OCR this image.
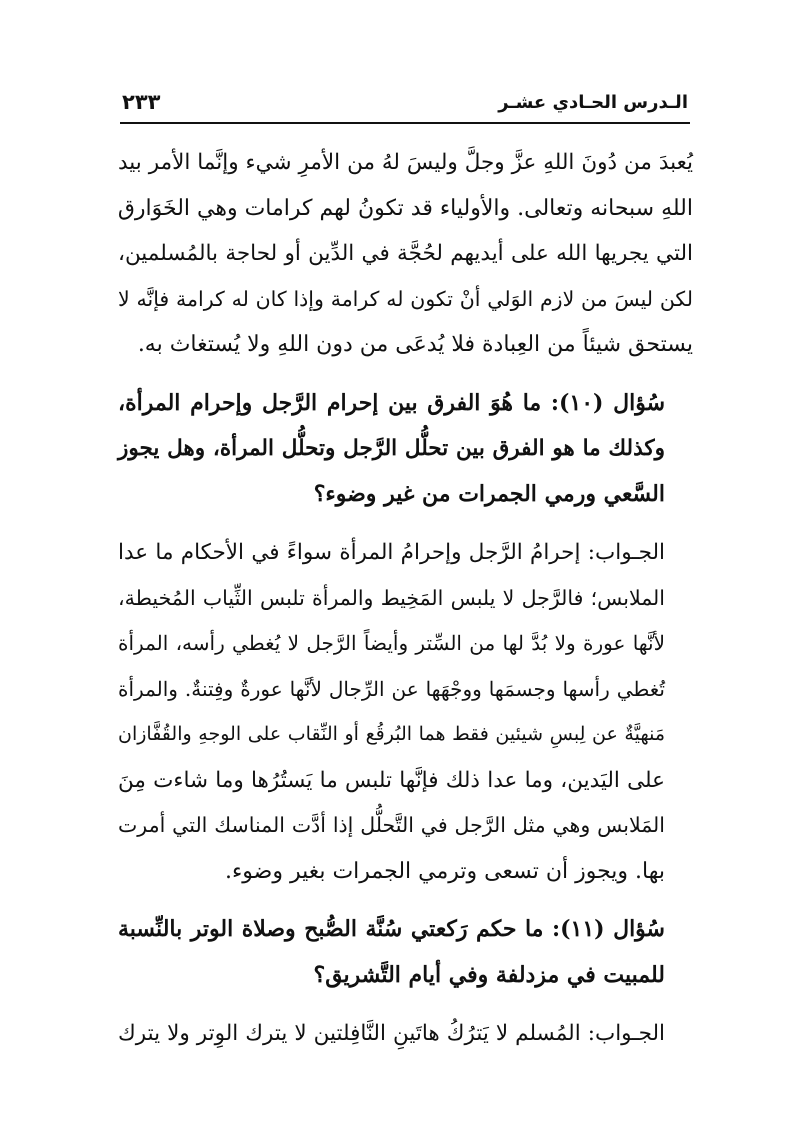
٢٣٣	الـدرس الحـادي عشـر

يُعبدَ من دُونَ اللهِ عزَّ وجلَّ وليسَ لهُ من الأمرِ شيء وإنَّما الأمر بيد
اللهِ سبحانه وتعالى. والأولياء قد تكونُ لهم كرامات وهي الخَوَارق
التي يجريها الله على أيديهم لحُجَّة في الدِّين أو لحاجة بالمُسلمين،
لكن ليسَ من لازم الوَلي أنْ تكون له كرامة وإذا كان له كرامة فإنَّه لا
يستحق شيئاً من العِبادة فلا يُدعَى من دون اللهِ ولا يُستغاث به.

سُؤال (١٠): ما هُوَ الفرق بين إحرام الرَّجل وإحرام المرأة،
وكذلك ما هو الفرق بين تحلُّل الرَّجل وتحلُّل المرأة، وهل يجوز
السَّعي ورمي الجمرات من غير وضوء؟

الجـواب: إحرامُ الرَّجل وإحرامُ المرأة سواءً في الأحكام ما عدا
الملابس؛ فالرَّجل لا يلبس المَخِيط والمرأة تلبس الثِّياب المُخيطة،
لأنَّها عورة ولا بُدَّ لها من السِّتر وأيضاً الرَّجل لا يُغطي رأسه، المرأة
تُغطي رأسها وجسمَها ووجْهَها عن الرِّجال لأنَّها عورةٌ وفِتنةٌ. والمرأة
مَنهيَّةٌ عن لِبسِ شيئين فقط هما البُرقُع أو النِّقاب على الوجهِ والقُفَّازان
على اليَدين، وما عدا ذلك فإنَّها تلبس ما يَستُرُها وما شاءت مِنَ
المَلابس وهي مثل الرَّجل في التَّحلُّل إذا أدَّت المناسك التي أمرت
بها. ويجوز أن تسعى وترمي الجمرات بغير وضوء.

سُؤال (١١): ما حكم رَكعتي سُنَّة الصُّبح وصلاة الوتر بالنِّسبة
للمبيت في مزدلفة وفي أيام التَّشريق؟

الجـواب: المُسلم لا يَترُكُ هاتَينِ النَّافِلتين لا يترك الوِتر ولا يترك
